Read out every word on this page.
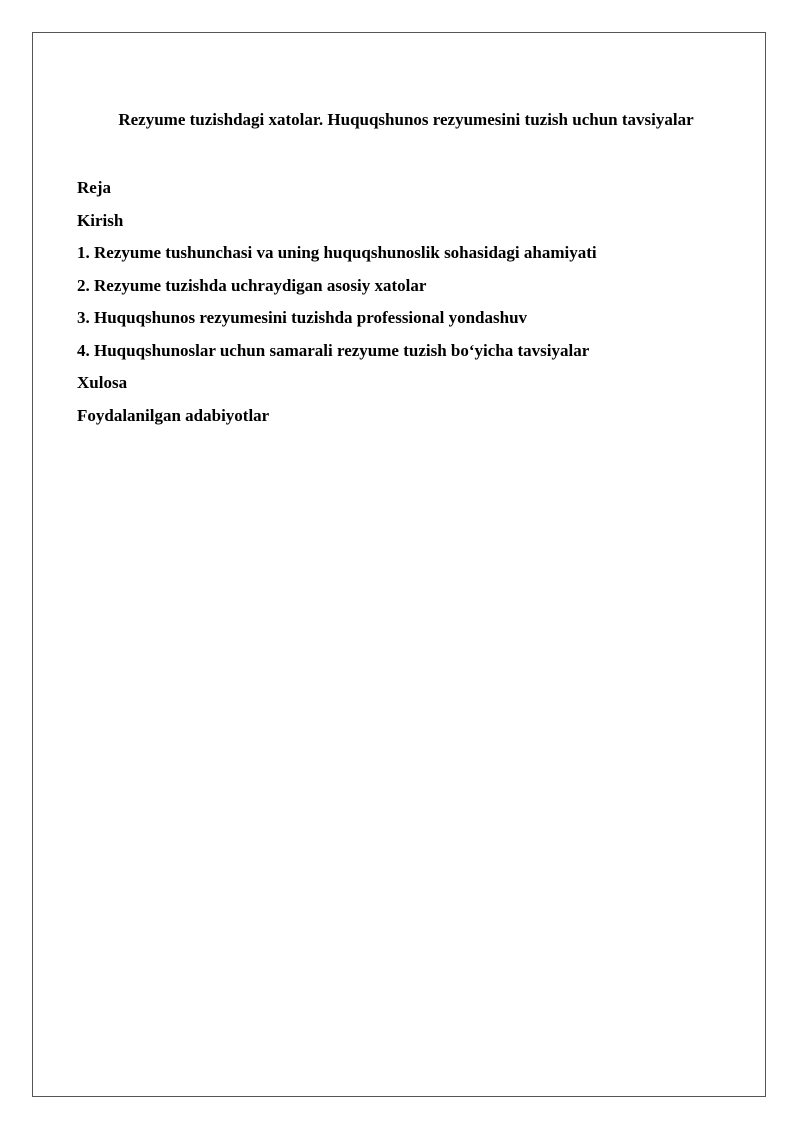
Rezyume tuzishdagi xatolar. Huquqshunos rezyumesini tuzish uchun tavsiyalar
Reja
Kirish
1. Rezyume tushunchasi va uning huquqshunoslik sohasidagi ahamiyati
2. Rezyume tuzishda uchraydigan asosiy xatolar
3. Huquqshunos rezyumesini tuzishda professional yondashuv
4. Huquqshunoslar uchun samarali rezyume tuzish bo‘yicha tavsiyalar
Xulosa
Foydalanilgan adabiyotlar
